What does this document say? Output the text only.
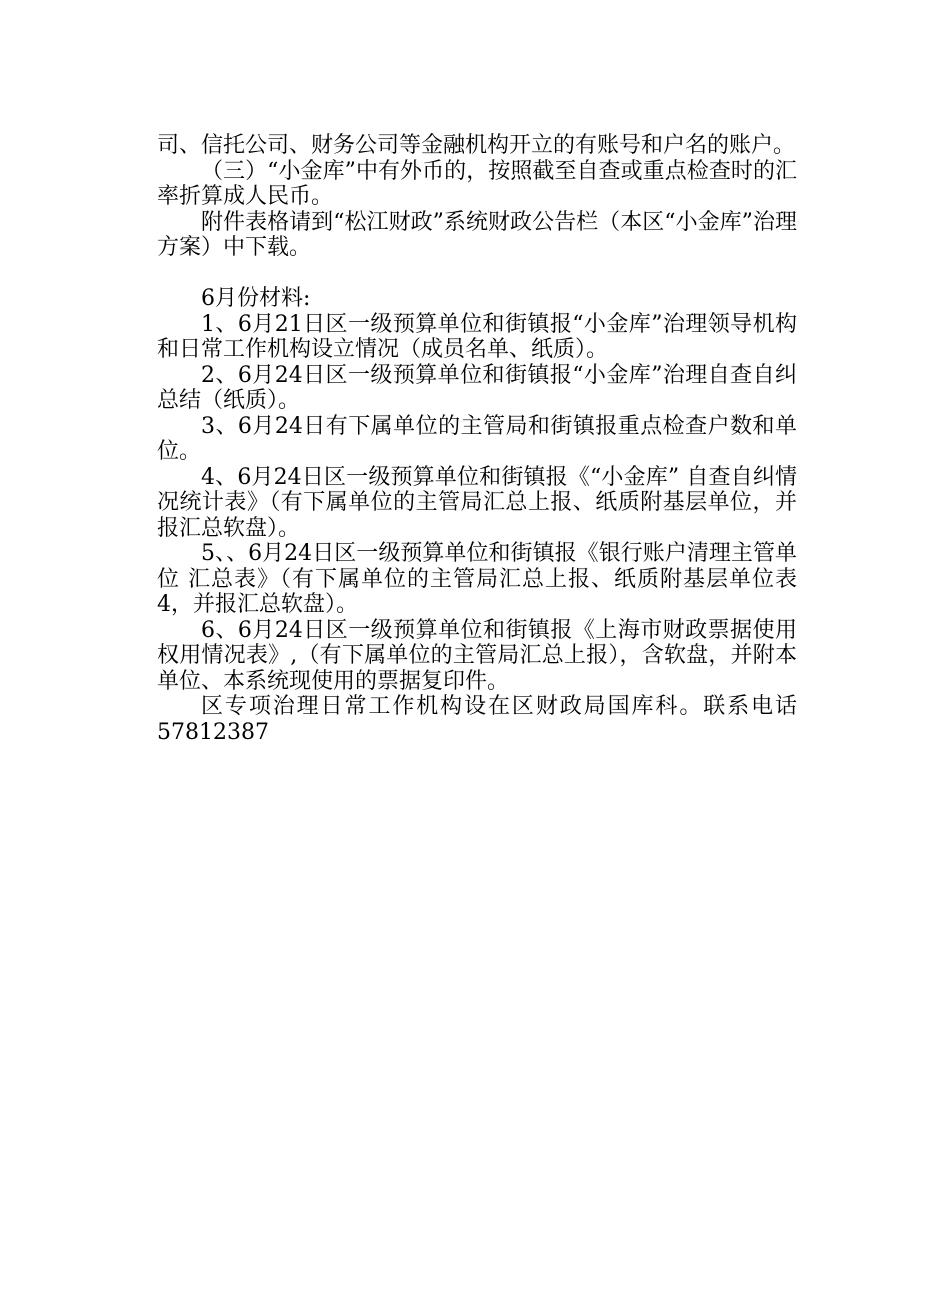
司、信托公司、财务公司等金融机构开立的有账号和户名的账户。

（三）“小金库”中有外币的，按照截至自查或重点检查时的汇率折算成人民币。

附件表格请到“松江财政”系统财政公告栏（本区“小金库”治理方案）中下载。

6月份材料:

1、6月21日区一级预算单位和街镇报“小金库”治理领导机构和日常工作机构设立情况（成员名单、纸质）。

2、6月24日区一级预算单位和街镇报“小金库”治理自查自纠总结（纸质）。

3、6月24日有下属单位的主管局和街镇报重点检查户数和单位。

4、6月24日区一级预算单位和街镇报《“小金库” 自查自纠情况统计表》（有下属单位的主管局汇总上报、纸质附基层单位，并报汇总软盘）。

5、、6月24日区一级预算单位和街镇报《银行账户清理主管单位 汇总表》（有下属单位的主管局汇总上报、纸质附基层单位表4，并报汇总软盘）。

6、6月24日区一级预算单位和街镇报《上海市财政票据使用权用情况表》,（有下属单位的主管局汇总上报），含软盘，并附本单位、本系统现使用的票据复印件。

区专项治理日常工作机构设在区财政局国库科。联系电话57812387
